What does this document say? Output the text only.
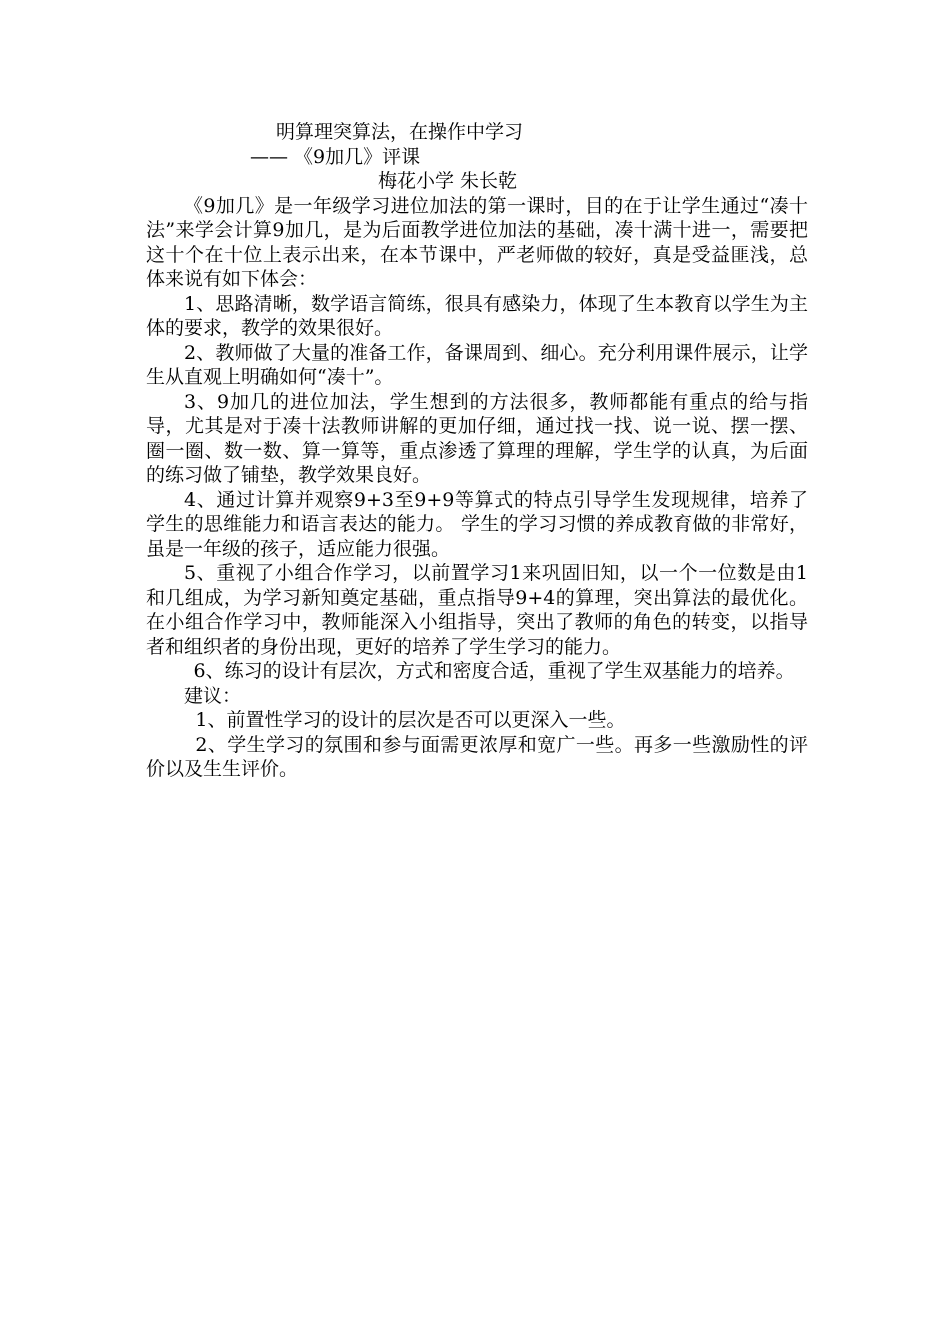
明算理突算法，在操作中学习
—— 《9加几》评课
梅花小学 朱长乾

《9加几》是一年级学习进位加法的第一课时，目的在于让学生通过“凑十法”来学会计算9加几，是为后面教学进位加法的基础，凑十满十进一，需要把这十个在十位上表示出来，在本节课中，严老师做的较好，真是受益匪浅，总体来说有如下体会：

1、思路清晰，数学语言简练，很具有感染力，体现了生本教育以学生为主体的要求，教学的效果很好。

2、教师做了大量的准备工作，备课周到、细心。充分利用课件展示，让学生从直观上明确如何“凑十”。

3、9加几的进位加法，学生想到的方法很多，教师都能有重点的给与指导，尤其是对于凑十法教师讲解的更加仔细，通过找一找、说一说、摆一摆、圈一圈、数一数、算一算等，重点渗透了算理的理解，学生学的认真，为后面的练习做了铺垫，教学效果良好。

4、通过计算并观察9+3至9+9等算式的特点引导学生发现规律，培养了学生的思维能力和语言表达的能力。 学生的学习习惯的养成教育做的非常好，虽是一年级的孩子，适应能力很强。

5、重视了小组合作学习，以前置学习1来巩固旧知，以一个一位数是由1和几组成，为学习新知奠定基础，重点指导9+4的算理，突出算法的最优化。在小组合作学习中，教师能深入小组指导，突出了教师的角色的转变，以指导者和组织者的身份出现，更好的培养了学生学习的能力。

6、练习的设计有层次，方式和密度合适，重视了学生双基能力的培养。

建议：

1、前置性学习的设计的层次是否可以更深入一些。

2、学生学习的氛围和参与面需更浓厚和宽广一些。再多一些激励性的评价以及生生评价。
